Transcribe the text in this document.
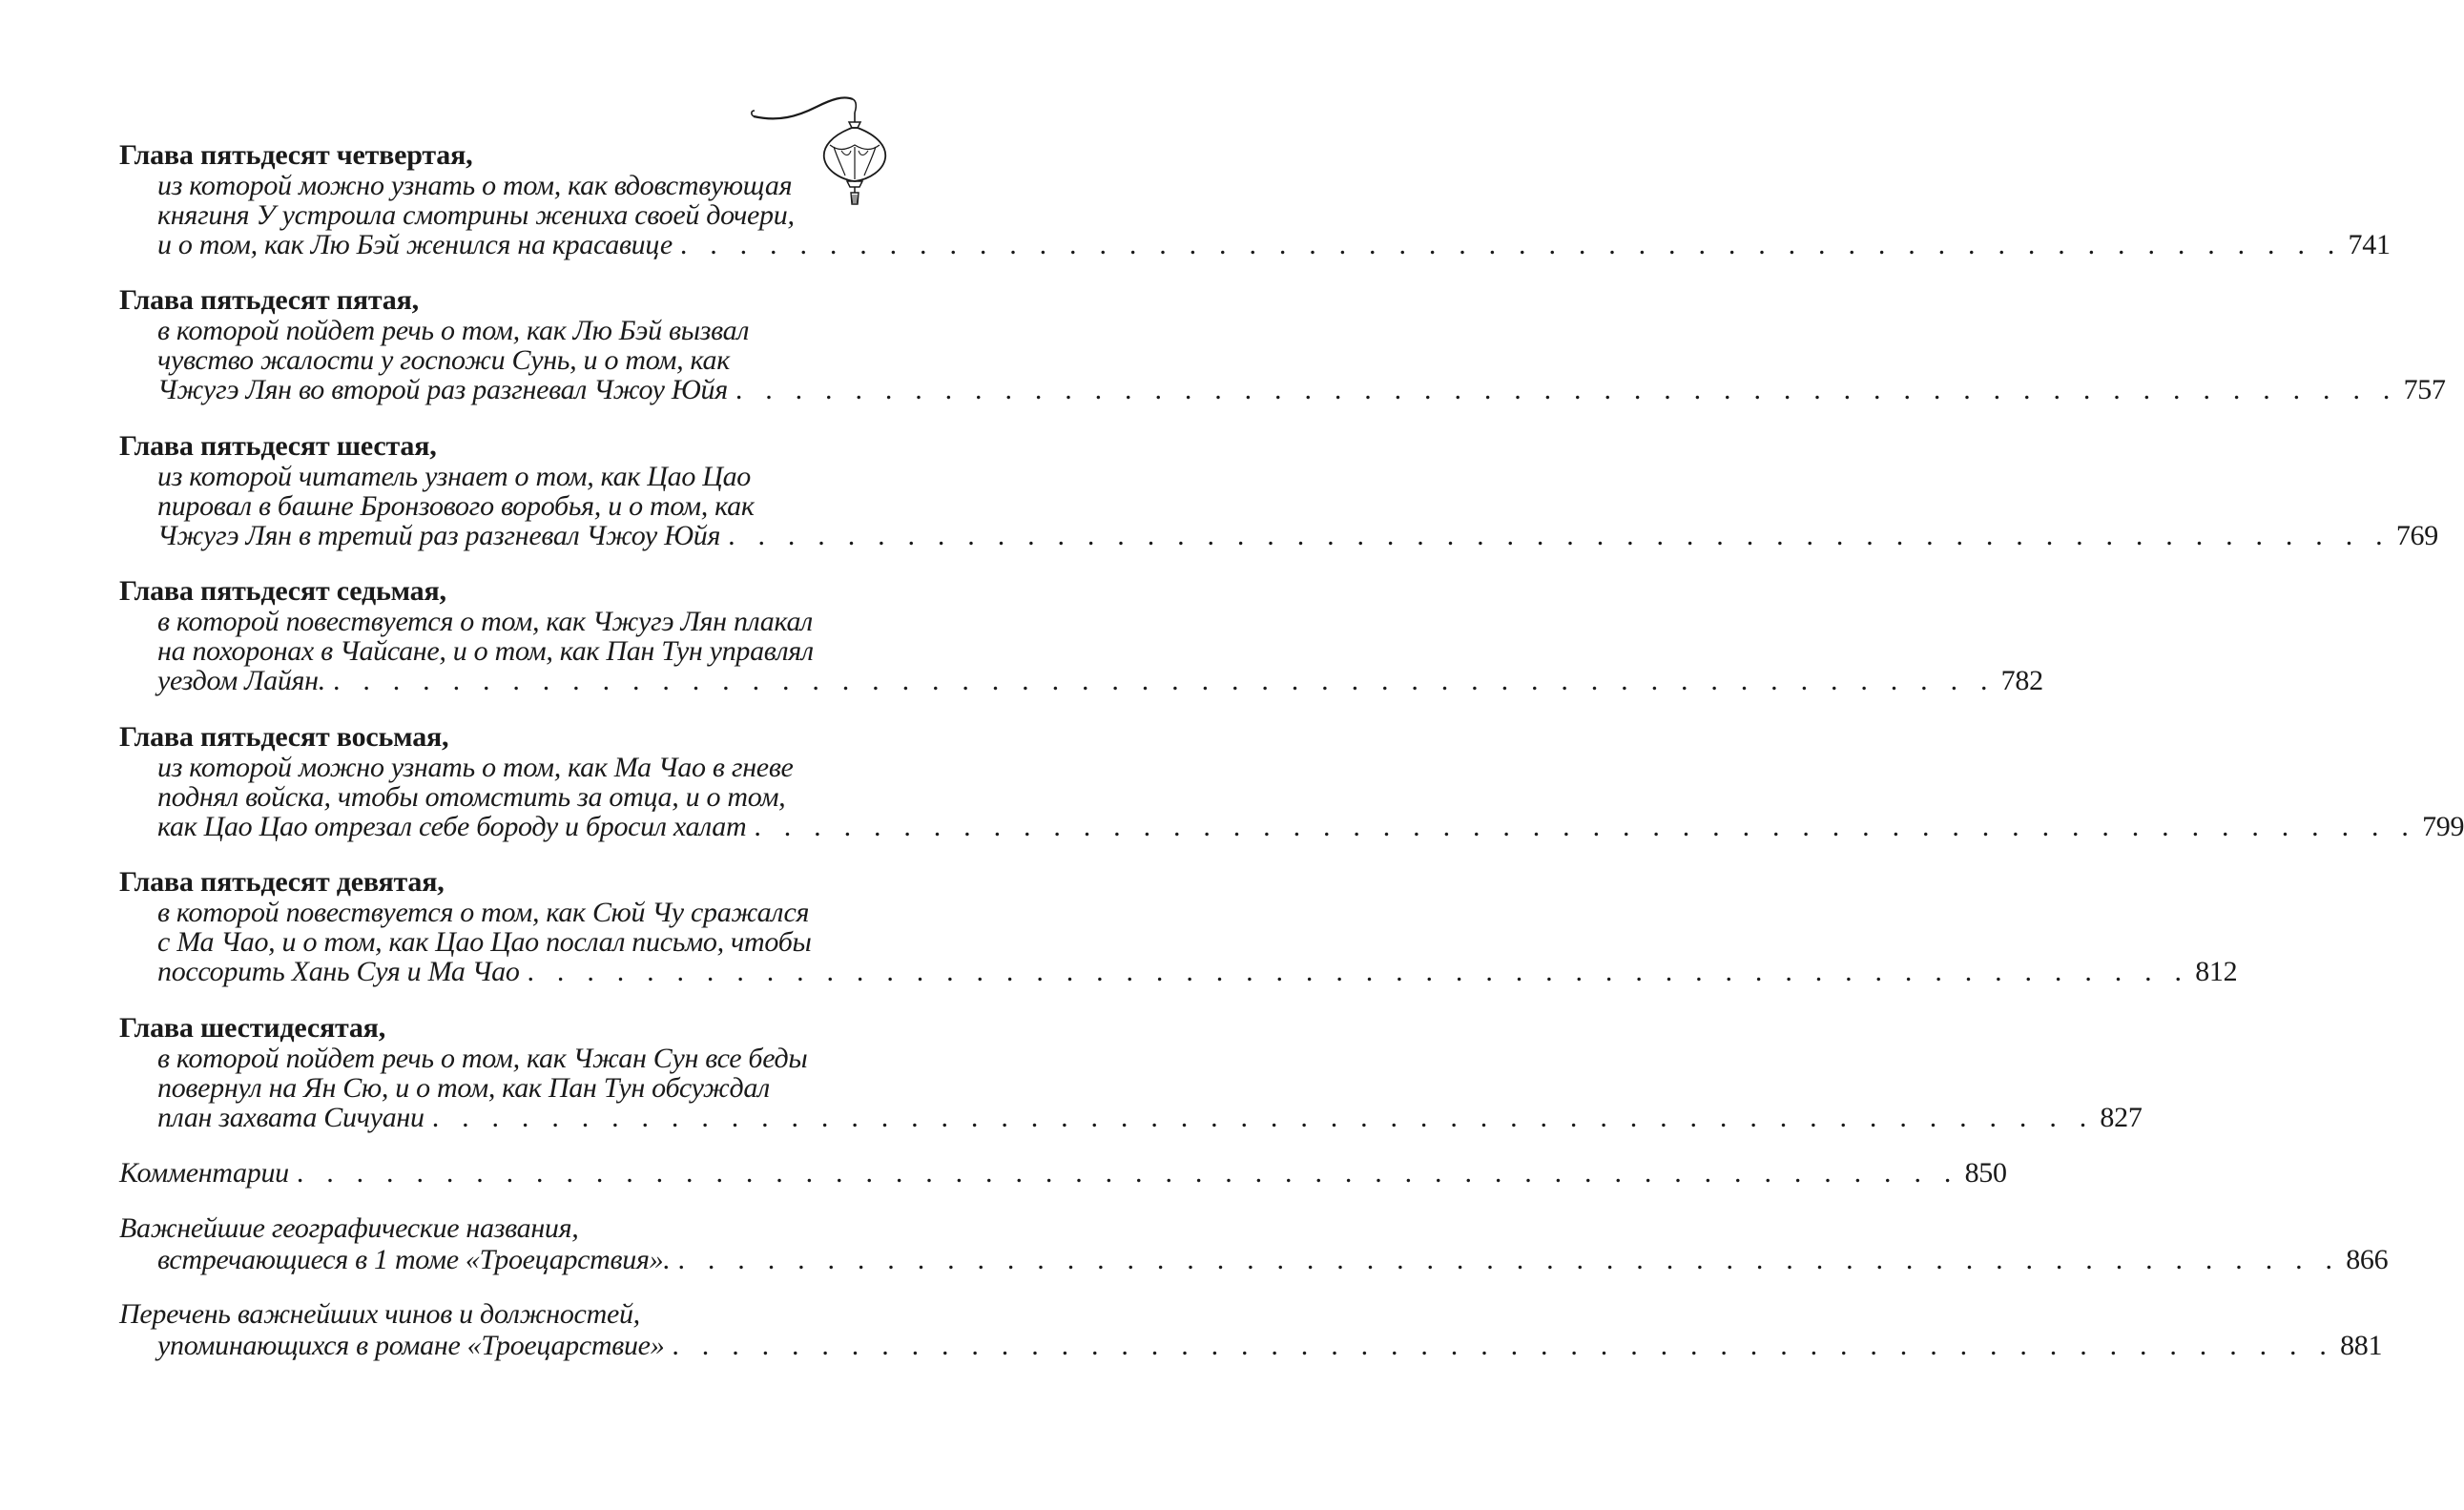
Глава пятьдесят четвертая,
из которой можно узнать о том, как вдовствующая
княгиня У устроила смотрины жениха своей дочери,
и о том, как Лю Бэй женился на красавице . . . . . . . . . . . . . . . . . . . . . . . . . . . . . . . . . . . . . . . . . . . . . . . . . . . . . . . . 741
Глава пятьдесят пятая,
в которой пойдет речь о том, как Лю Бэй вызвал
чувство жалости у госпожи Сунь, и о том, как
Чжугэ Лян во второй раз разгневал Чжоу Юйя . . . . . . . . . . . . . . . . . . . . . . . . . . . . . . . . . . . . . . . . . . . . . . . . . . . . . . . . 757
Глава пятьдесят шестая,
из которой читатель узнает о том, как Цао Цао
пировал в башне Бронзового воробья, и о том, как
Чжугэ Лян в третий раз разгневал Чжоу Юйя . . . . . . . . . . . . . . . . . . . . . . . . . . . . . . . . . . . . . . . . . . . . . . . . . . . . . . . . 769
Глава пятьдесят седьмая,
в которой повествуется о том, как Чжугэ Лян плакал
на похоронах в Чайсане, и о том, как Пан Тун управлял
уездом Лайян. . . . . . . . . . . . . . . . . . . . . . . . . . . . . . . . . . . . . . . . . . . . . . . . . . . . . . . . . 782
Глава пятьдесят восьмая,
из которой можно узнать о том, как Ма Чао в гневе
поднял войска, чтобы отомстить за отца, и о том,
как Цао Цао отрезал себе бороду и бросил халат . . . . . . . . . . . . . . . . . . . . . . . . . . . . . . . . . . . . . . . . . . . . . . . . . . . . . . . . 799
Глава пятьдесят девятая,
в которой повествуется о том, как Сюй Чу сражался
с Ма Чао, и о том, как Цао Цао послал письмо, чтобы
поссорить Хань Суя и Ма Чао . . . . . . . . . . . . . . . . . . . . . . . . . . . . . . . . . . . . . . . . . . . . . . . . . . . . . . . . 812
Глава шестидесятая,
в которой пойдет речь о том, как Чжан Сун все беды
повернул на Ян Сю, и о том, как Пан Тун обсуждал
план захвата Сичуани . . . . . . . . . . . . . . . . . . . . . . . . . . . . . . . . . . . . . . . . . . . . . . . . . . . . . . . . 827
Комментарии . . . . . . . . . . . . . . . . . . . . . . . . . . . . . . . . . . . . . . . . . . . . . . . . . . . . . . . . 850
Важнейшие географические названия,
встречающиеся в 1 томе «Троецарствия». . . . . . . . . . . . . . . . . . . . . . . . . . . . . . . . . . . . . . . . . . . . . . . . . . . . . . . . . 866
Перечень важнейших чинов и должностей,
упоминающихся в романе «Троецарствие» . . . . . . . . . . . . . . . . . . . . . . . . . . . . . . . . . . . . . . . . . . . . . . . . . . . . . . . . 881
